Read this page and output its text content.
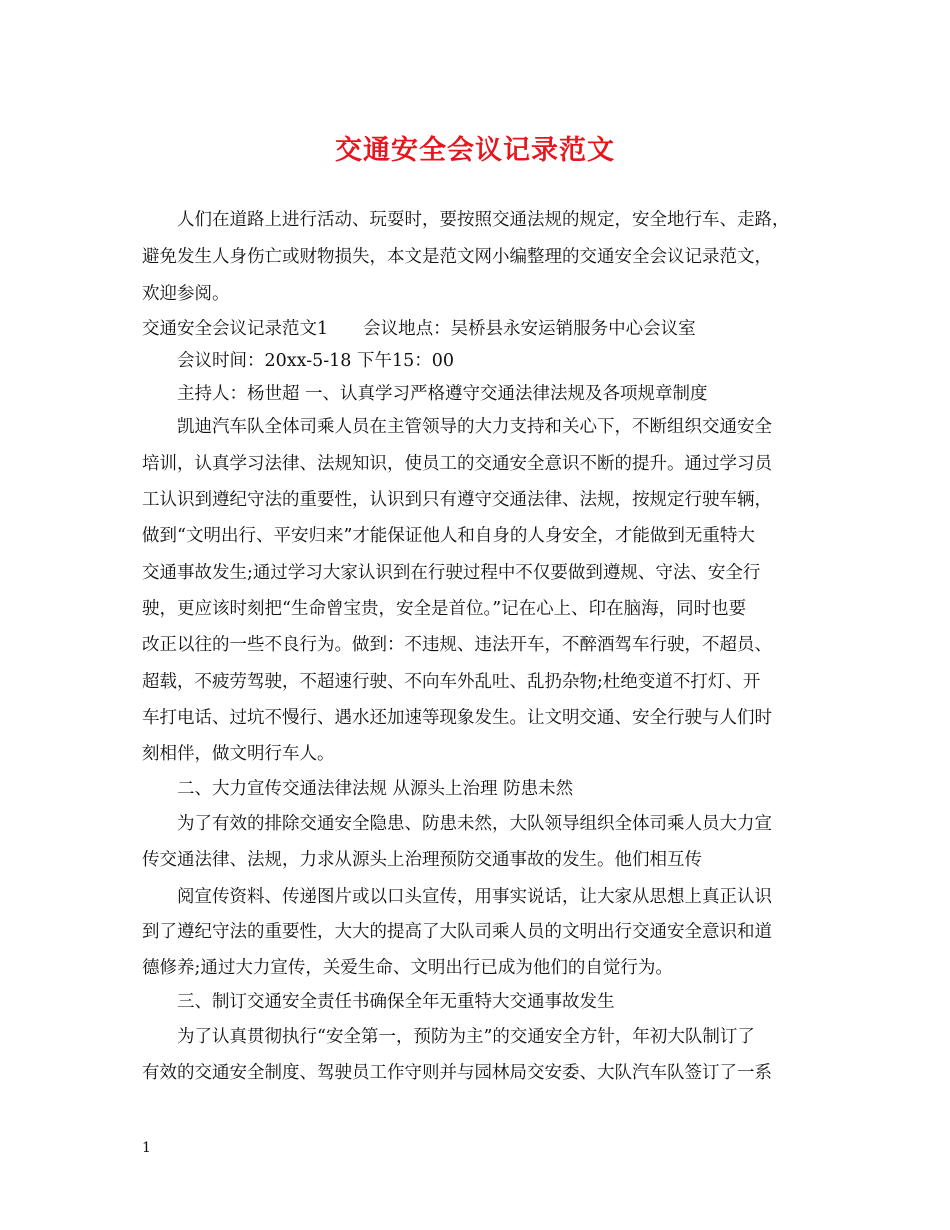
交通安全会议记录范文
人们在道路上进行活动、玩耍时，要按照交通法规的规定，安全地行车、走路，
避免发生人身伤亡或财物损失，本文是范文网小编整理的交通安全会议记录范文，
欢迎参阅。
交通安全会议记录范文1　　会议地点：吴桥县永安运销服务中心会议室
会议时间：20xx-5-18 下午15：00
主持人：杨世超 一、认真学习严格遵守交通法律法规及各项规章制度
凯迪汽车队全体司乘人员在主管领导的大力支持和关心下，不断组织交通安全
培训，认真学习法律、法规知识，使员工的交通安全意识不断的提升。通过学习员
工认识到遵纪守法的重要性，认识到只有遵守交通法律、法规，按规定行驶车辆，
做到“文明出行、平安归来”才能保证他人和自身的人身安全，才能做到无重特大
交通事故发生;通过学习大家认识到在行驶过程中不仅要做到遵规、守法、安全行
驶，更应该时刻把“生命曾宝贵，安全是首位。”记在心上、印在脑海，同时也要
改正以往的一些不良行为。做到：不违规、违法开车，不醉酒驾车行驶，不超员、
超载，不疲劳驾驶，不超速行驶、不向车外乱吐、乱扔杂物;杜绝变道不打灯、开
车打电话、过坑不慢行、遇水还加速等现象发生。让文明交通、安全行驶与人们时
刻相伴，做文明行车人。
二、大力宣传交通法律法规 从源头上治理 防患未然
为了有效的排除交通安全隐患、防患未然，大队领导组织全体司乘人员大力宣
传交通法律、法规，力求从源头上治理预防交通事故的发生。他们相互传
阅宣传资料、传递图片或以口头宣传，用事实说话，让大家从思想上真正认识
到了遵纪守法的重要性，大大的提高了大队司乘人员的文明出行交通安全意识和道
德修养;通过大力宣传，关爱生命、文明出行已成为他们的自觉行为。
三、制订交通安全责任书确保全年无重特大交通事故发生
为了认真贯彻执行“安全第一，预防为主”的交通安全方针，年初大队制订了
有效的交通安全制度、驾驶员工作守则并与园林局交安委、大队汽车队签订了一系
1
